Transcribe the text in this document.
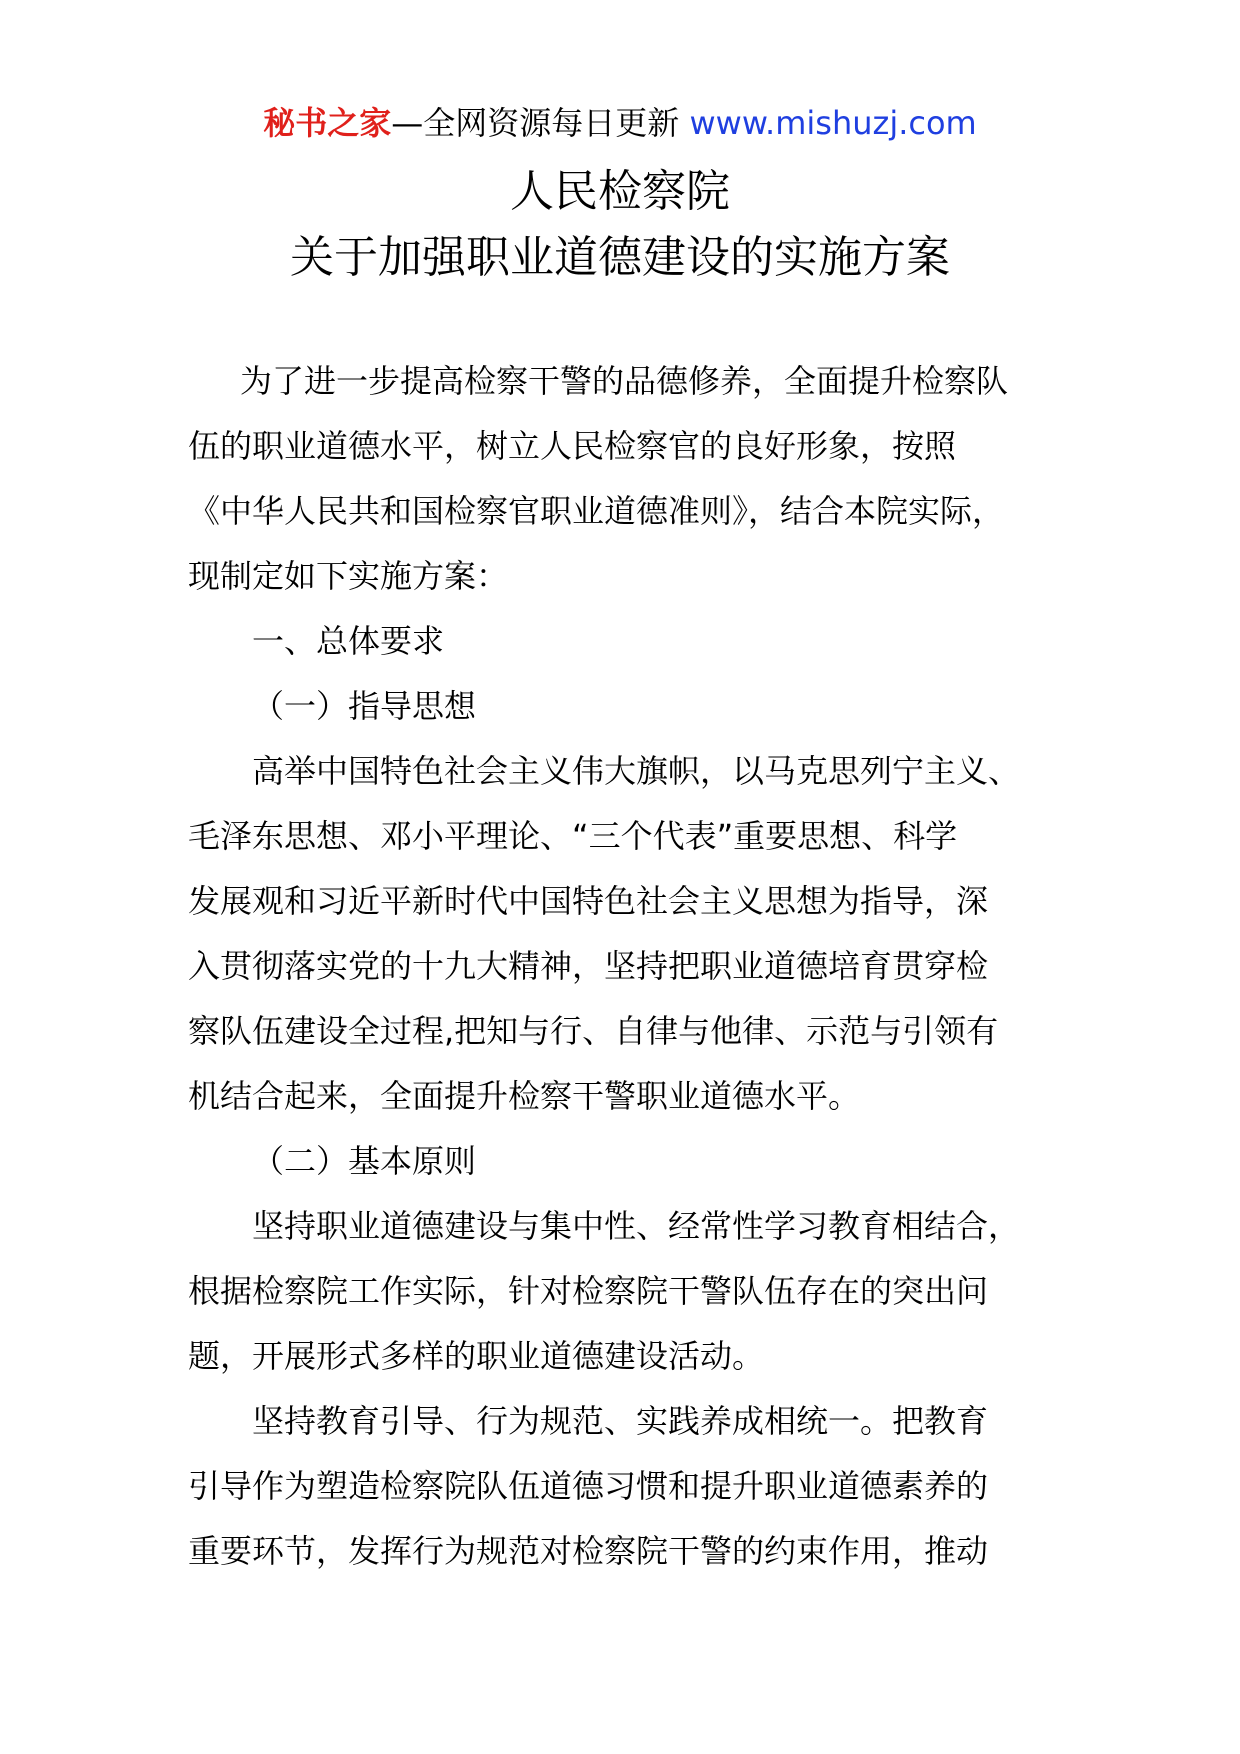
秘书之家—全网资源每日更新 www.mishuzj.com
人民检察院
关于加强职业道德建设的实施方案
为了进一步提高检察干警的品德修养，全面提升检察队
伍的职业道德水平，树立人民检察官的良好形象，按照
《中华人民共和国检察官职业道德准则》，结合本院实际，
现制定如下实施方案：
一、总体要求
（一）指导思想
高举中国特色社会主义伟大旗帜，以马克思列宁主义、
毛泽东思想、邓小平理论、“三个代表”重要思想、科学
发展观和习近平新时代中国特色社会主义思想为指导，深
入贯彻落实党的十九大精神，坚持把职业道德培育贯穿检
察队伍建设全过程,把知与行、自律与他律、示范与引领有
机结合起来，全面提升检察干警职业道德水平。
（二）基本原则
坚持职业道德建设与集中性、经常性学习教育相结合，
根据检察院工作实际，针对检察院干警队伍存在的突出问
题，开展形式多样的职业道德建设活动。
坚持教育引导、行为规范、实践养成相统一。把教育
引导作为塑造检察院队伍道德习惯和提升职业道德素养的
重要环节，发挥行为规范对检察院干警的约束作用，推动
